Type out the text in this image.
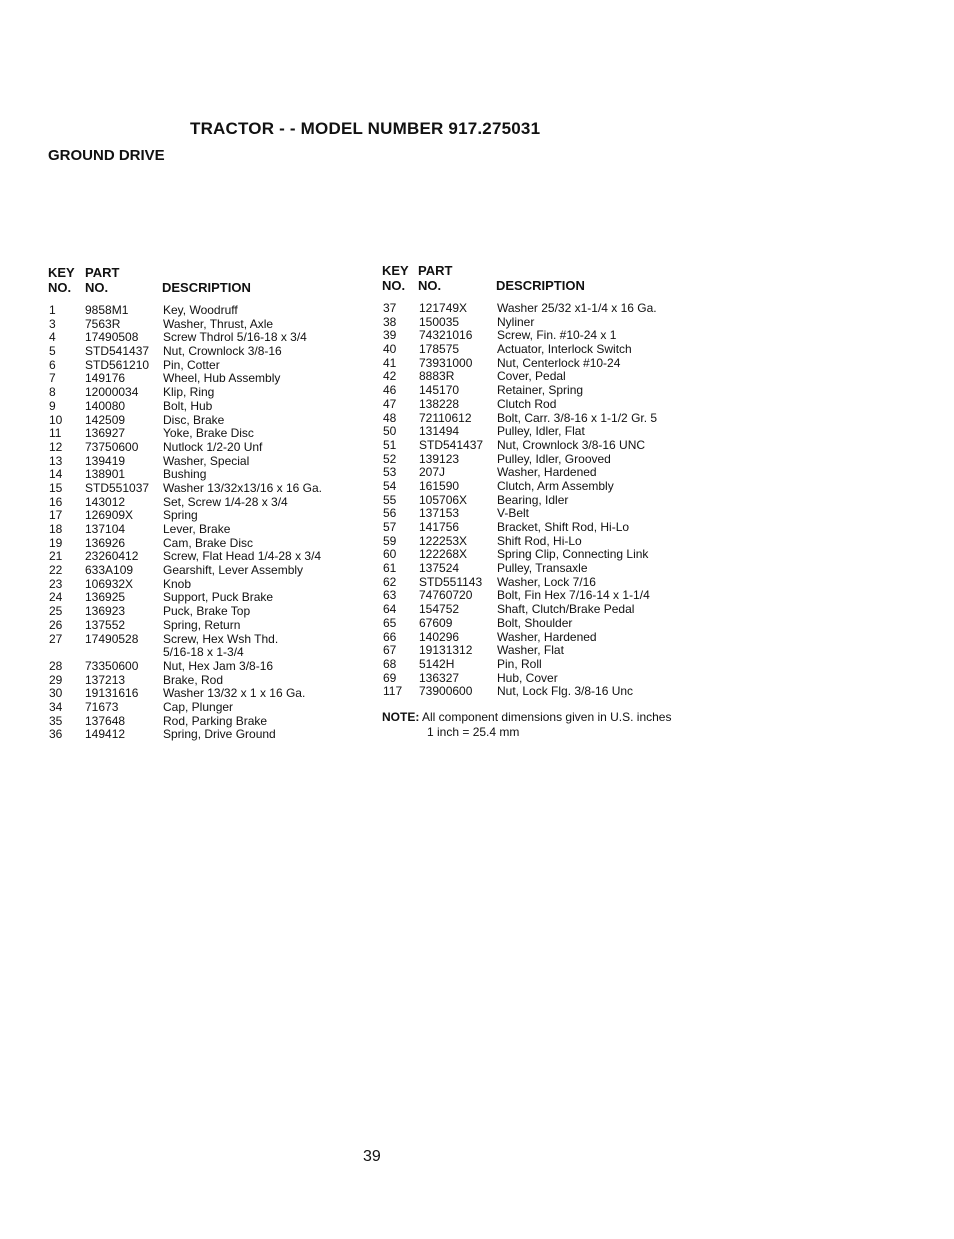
TRACTOR - - MODEL NUMBER 917.275031
GROUND DRIVE
KEY
NO.
PART
NO.	DESCRIPTION
KEY
NO.
PART
NO.	DESCRIPTION
1 9858M1	Key, Woodruff
3 7563R	Washer, Thrust, Axle
4 17490508 Screw Thdrol 5/16-18 x 3/4
5 STD541437 Nut, Crownlock 3/8-16
6 STD561210 Pin, Cotter
7 149176	Wheel, Hub Assembly
8 12000034 Klip, Ring
9 140080	Bolt, Hub
10 142509	Disc, Brake
11 136927	Yoke, Brake Disc
12 73750600 Nutlock 1/2-20 Unf
13 139419	Washer, Special
14 138901	Bushing
15 STD551037 Washer 13/32x13/16 x 16 Ga.
16 143012	Set, Screw 1/4-28 x 3/4
17 126909X Spring
18 137104	Lever, Brake
19 136926	Cam, Brake Disc
21 23260412 Screw, Flat Head 1/4-28 x 3/4
22 633A109 Gearshift, Lever Assembly
23 106932X Knob
24 136925	Support, Puck Brake
25 136923	Puck, Brake Top
26 137552	Spring, Return
27 17490528 Screw, Hex Wsh Thd.
5/16-18 x 1-3/4
28 73350600 Nut, Hex Jam 3/8-16
29 137213	Brake, Rod
30 19131616 Washer 13/32 x 1 x 16 Ga.
34 71673	Cap, Plunger
35 137648	Rod, Parking Brake
36 149412	Spring, Drive Ground
37 121749X Washer 25/32 x1-1/4 x 16 Ga.
38 150035	Nyliner
39 74321016 Screw, Fin. #10-24 x 1
40 178575	Actuator, Interlock Switch
41 73931000 Nut, Centerlock #10-24
42 8883R	Cover, Pedal
46 145170	Retainer, Spring
47 138228	Clutch Rod
48 72110612 Bolt, Carr. 3/8-16 x 1-1/2 Gr. 5
50 131494	Pulley, Idler, Flat
51 STD541437 Nut, Crownlock 3/8-16 UNC
52 139123	Pulley, Idler, Grooved
53 207J	Washer, Hardened
54 161590	Clutch, Arm Assembly
55 105706X Bearing, Idler
56 137153	V-Belt
57 141756	Bracket, Shift Rod, Hi-Lo
59 122253X Shift Rod, Hi-Lo
60 122268X Spring Clip, Connecting Link
61 137524	Pulley, Transaxle
62 STD551143 Washer, Lock 7/16
63 74760720 Bolt, Fin Hex 7/16-14 x 1-1/4
64 154752	Shaft, Clutch/Brake Pedal
65 67609	Bolt, Shoulder
66 140296	Washer, Hardened
67 19131312 Washer, Flat
68 5142H	Pin, Roll
69 136327	Hub, Cover
117 73900600 Nut, Lock Flg. 3/8-16 Unc
NOTE: All component dimensions given in U.S. inches
1 inch = 25.4 mm

39
